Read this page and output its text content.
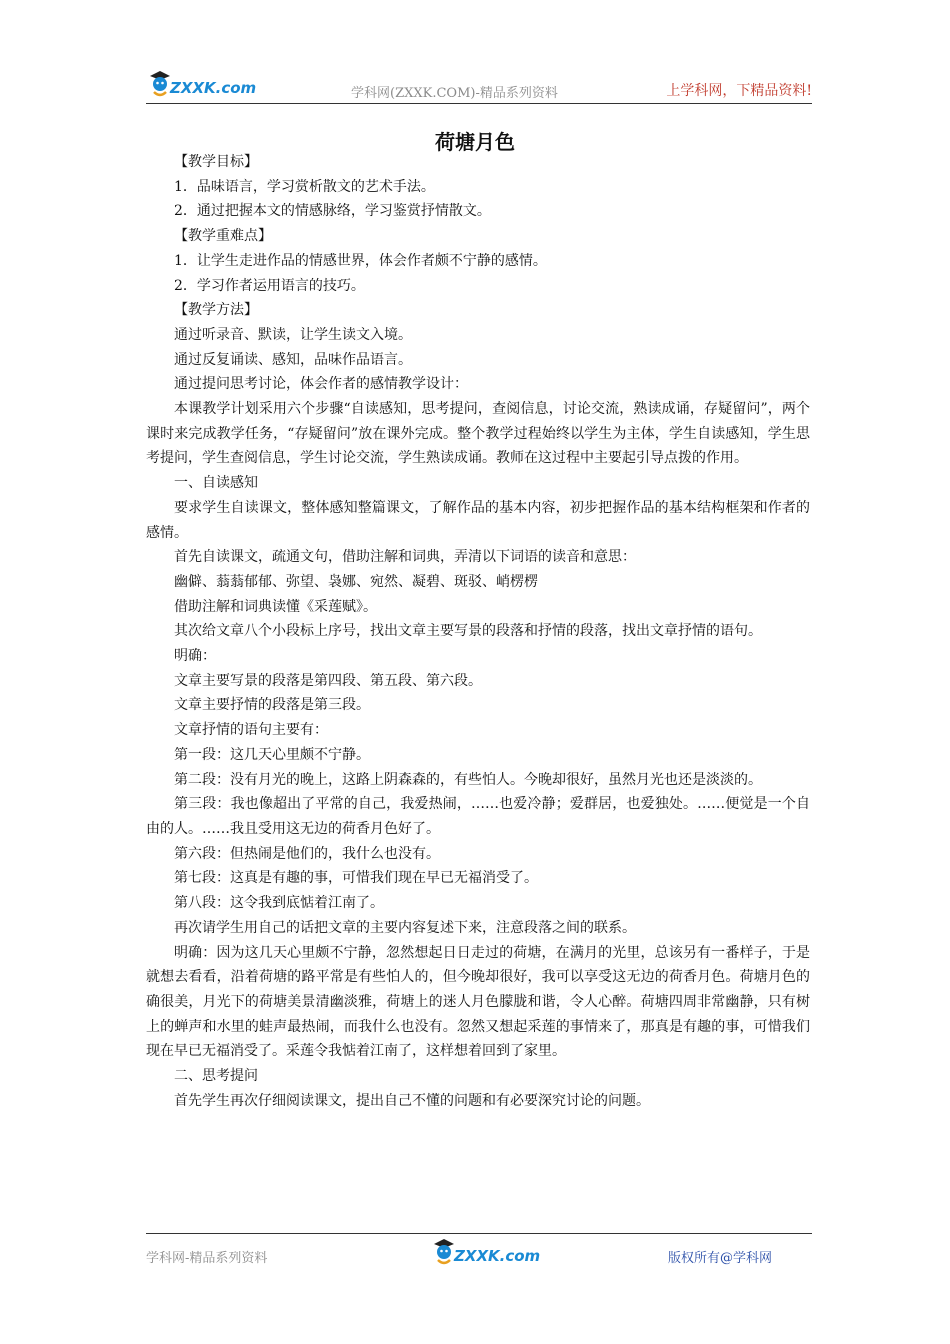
ZXXK.com	学科网(ZXXK.COM)-精品系列资料	上学科网，下精品资料!
荷塘月色

【教学目标】

1．品味语言，学习赏析散文的艺术手法。

2．通过把握本文的情感脉络，学习鉴赏抒情散文。

【教学重难点】

1．让学生走进作品的情感世界，体会作者颇不宁静的感情。

2．学习作者运用语言的技巧。

【教学方法】

通过听录音、默读，让学生读文入境。

通过反复诵读、感知，品味作品语言。

通过提问思考讨论，体会作者的感情教学设计：

本课教学计划采用六个步骤“自读感知，思考提问，查阅信息，讨论交流，熟读成诵，存疑留问”，两个课时来完成教学任务，“存疑留问”放在课外完成。整个教学过程始终以学生为主体，学生自读感知，学生思考提问，学生查阅信息，学生讨论交流，学生熟读成诵。教师在这过程中主要起引导点拨的作用。

一、自读感知

要求学生自读课文，整体感知整篇课文，了解作品的基本内容，初步把握作品的基本结构框架和作者的感情。

首先自读课文，疏通文句，借助注解和词典，弄清以下词语的读音和意思：

幽僻、蓊蓊郁郁、弥望、袅娜、宛然、凝碧、斑驳、峭楞楞

借助注解和词典读懂《采莲赋》。

其次给文章八个小段标上序号，找出文章主要写景的段落和抒情的段落，找出文章抒情的语句。

明确：

文章主要写景的段落是第四段、第五段、第六段。

文章主要抒情的段落是第三段。

文章抒情的语句主要有：

第一段：这几天心里颇不宁静。

第二段：没有月光的晚上，这路上阴森森的，有些怕人。今晚却很好，虽然月光也还是淡淡的。

第三段：我也像超出了平常的自己，我爱热闹，……也爱冷静；爱群居，也爱独处。……便觉是一个自由的人。……我且受用这无边的荷香月色好了。

第六段：但热闹是他们的，我什么也没有。

第七段：这真是有趣的事，可惜我们现在早已无福消受了。

第八段：这令我到底惦着江南了。

再次请学生用自己的话把文章的主要内容复述下来，注意段落之间的联系。

明确：因为这几天心里颇不宁静，忽然想起日日走过的荷塘，在满月的光里，总该另有一番样子，于是就想去看看，沿着荷塘的路平常是有些怕人的，但今晚却很好，我可以享受这无边的荷香月色。荷塘月色的确很美，月光下的荷塘美景清幽淡雅，荷塘上的迷人月色朦胧和谐，令人心醉。荷塘四周非常幽静，只有树上的蝉声和水里的蛙声最热闹，而我什么也没有。忽然又想起采莲的事情来了，那真是有趣的事，可惜我们现在早已无福消受了。采莲令我惦着江南了，这样想着回到了家里。

二、思考提问

首先学生再次仔细阅读课文，提出自己不懂的问题和有必要深究讨论的问题。

学科网-精品系列资料	ZXXK.com	版权所有@学科网
